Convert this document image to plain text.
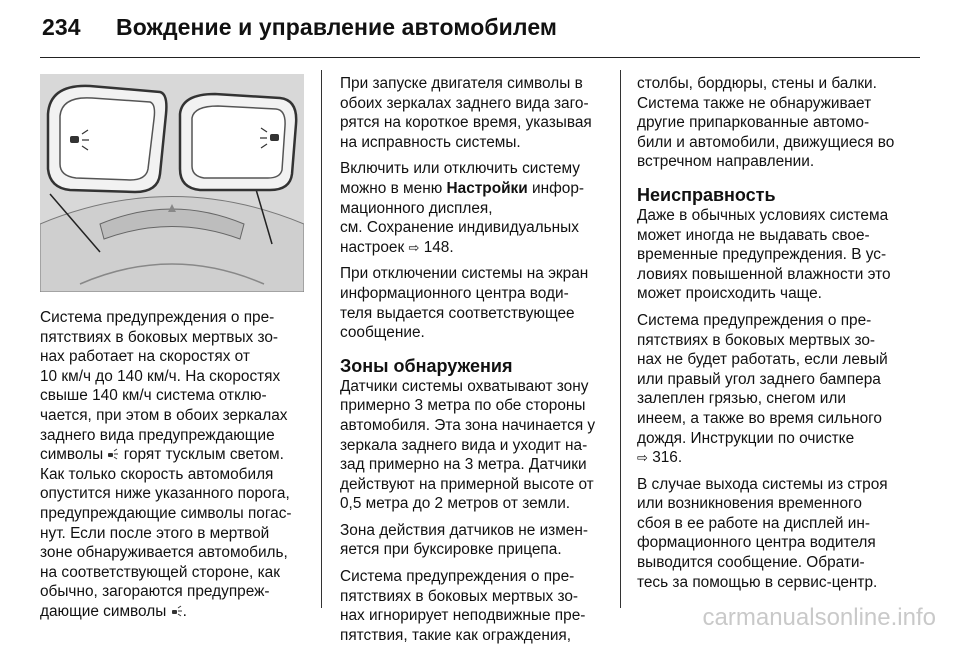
234 Вождение и управление автомобилем

Система предупреждения о пре-
пятствиях в боковых мертвых зо-
нах работает на скоростях от
10 км/ч до 140 км/ч. На скоростях
свыше 140 км/ч система отклю-
чается, при этом в обоих зеркалах
заднего вида предупреждающие
символы  горят тусклым светом.
Как только скорость автомобиля
опустится ниже указанного порога,
предупреждающие символы погас-
нут. Если после этого в мертвой
зоне обнаруживается автомобиль,
на соответствующей стороне, как
обычно, загораются предупреж-
дающие символы .

При запуске двигателя символы в
обоих зеркалах заднего вида заго-
рятся на короткое время, указывая
на исправность системы.

Включить или отключить систему
можно в меню Настройки инфор-
мационного дисплея,
см. Сохранение индивидуальных
настроек ⇨ 148.

При отключении системы на экран
информационного центра води-
теля выдается соответствующее
сообщение.

Зоны обнаружения

Датчики системы охватывают зону
примерно 3 метра по обе стороны
автомобиля. Эта зона начинается у
зеркала заднего вида и уходит на-
зад примерно на 3 метра. Датчики
действуют на примерной высоте от
0,5 метра до 2 метров от земли.

Зона действия датчиков не измен-
яется при буксировке прицепа.

Система предупреждения о пре-
пятствиях в боковых мертвых зо-
нах игнорирует неподвижные пре-
пятствия, такие как ограждения,

столбы, бордюры, стены и балки.
Система также не обнаруживает
другие припаркованные автомо-
били и автомобили, движущиеся во
встречном направлении.

Неисправность

Даже в обычных условиях система
может иногда не выдавать свое-
временные предупреждения. В ус-
ловиях повышенной влажности это
может происходить чаще.

Система предупреждения о пре-
пятствиях в боковых мертвых зо-
нах не будет работать, если левый
или правый угол заднего бампера
залеплен грязью, снегом или
инеем, а также во время сильного
дождя. Инструкции по очистке
⇨ 316.

В случае выхода системы из строя
или возникновения временного
сбоя в ее работе на дисплей ин-
формационного центра водителя
выводится сообщение. Обрати-
тесь за помощью в сервис-центр.

carmanualsonline.info
